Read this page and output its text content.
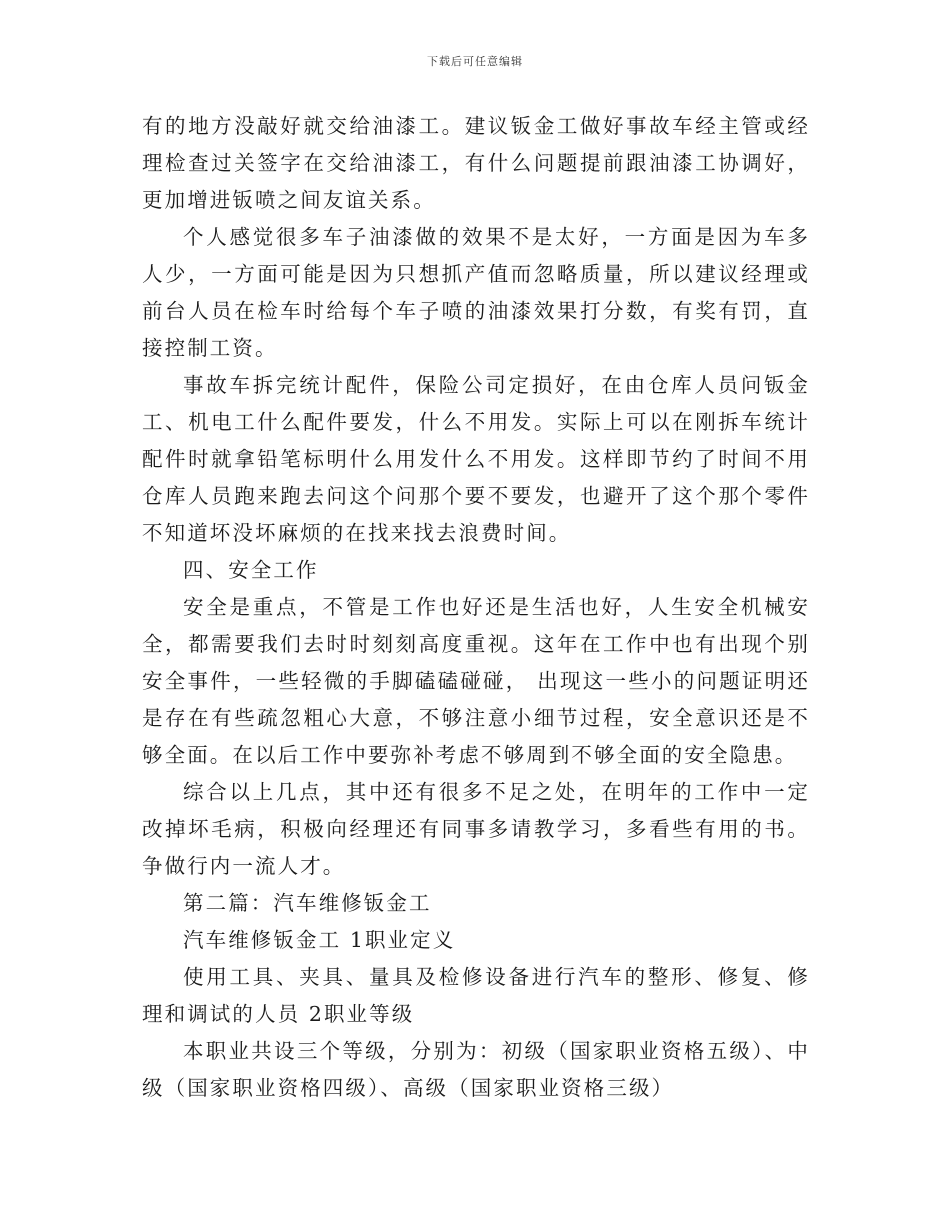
下载后可任意编辑

有的地方没敲好就交给油漆工。建议钣金工做好事故车经主管或经理检查过关签字在交给油漆工，有什么问题提前跟油漆工协调好，更加增进钣喷之间友谊关系。

个人感觉很多车子油漆做的效果不是太好，一方面是因为车多人少，一方面可能是因为只想抓产值而忽略质量，所以建议经理或前台人员在检车时给每个车子喷的油漆效果打分数，有奖有罚，直接控制工资。

事故车拆完统计配件，保险公司定损好，在由仓库人员问钣金工、机电工什么配件要发，什么不用发。实际上可以在刚拆车统计配件时就拿铅笔标明什么用发什么不用发。这样即节约了时间不用仓库人员跑来跑去问这个问那个要不要发，也避开了这个那个零件不知道坏没坏麻烦的在找来找去浪费时间。

四、安全工作

安全是重点，不管是工作也好还是生活也好，人生安全机械安全，都需要我们去时时刻刻高度重视。这年在工作中也有出现个别安全事件，一些轻微的手脚磕磕碰碰， 出现这一些小的问题证明还是存在有些疏忽粗心大意，不够注意小细节过程，安全意识还是不够全面。在以后工作中要弥补考虑不够周到不够全面的安全隐患。

综合以上几点，其中还有很多不足之处，在明年的工作中一定改掉坏毛病，积极向经理还有同事多请教学习，多看些有用的书。争做行内一流人才。

第二篇：汽车维修钣金工

汽车维修钣金工 1职业定义

使用工具、夹具、量具及检修设备进行汽车的整形、修复、修理和调试的人员 2职业等级

本职业共设三个等级，分别为：初级（国家职业资格五级）、中级（国家职业资格四级）、高级（国家职业资格三级）
